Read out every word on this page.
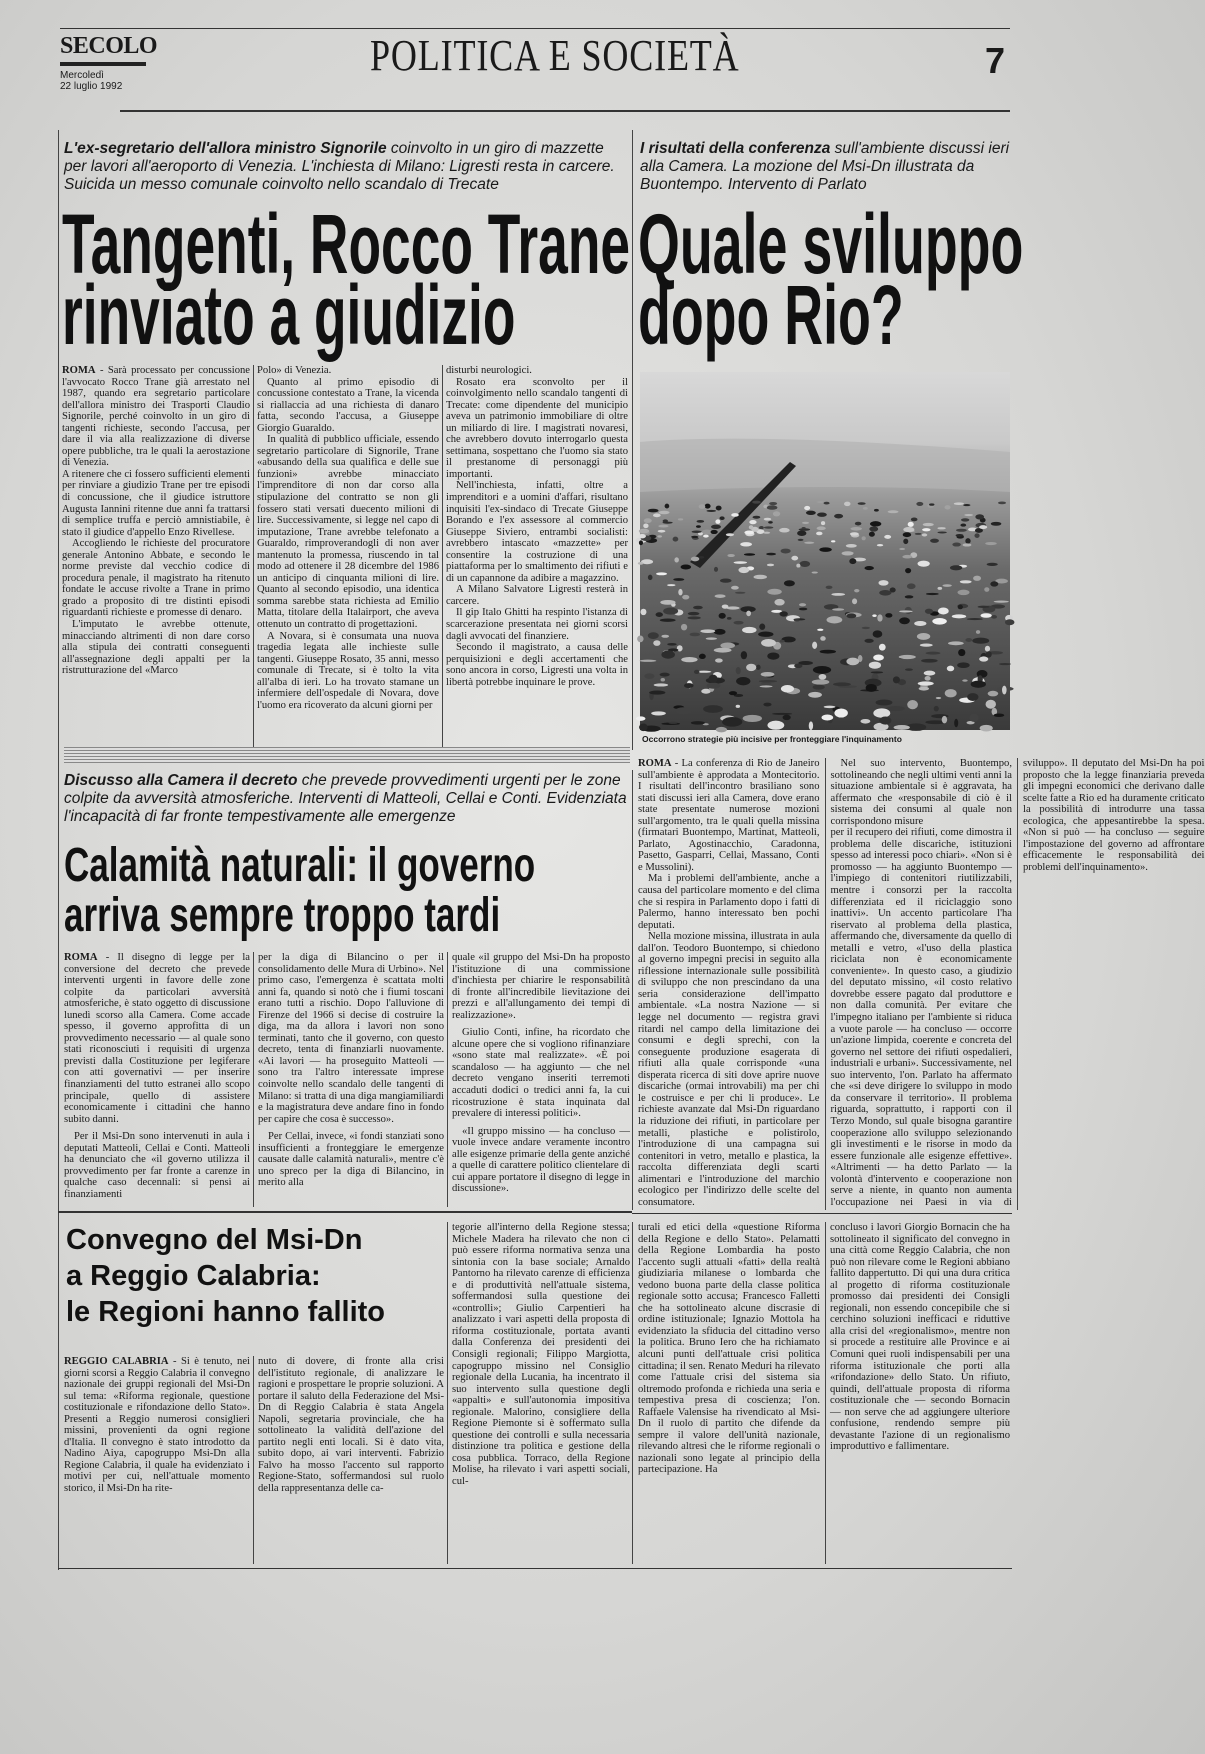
SECOLO
Mercoledì
22 luglio 1992
POLITICA E SOCIETÀ	7
L'ex-segretario dell'allora ministro Signorile coinvolto in un giro di mazzette per lavori all'aeroporto di Venezia. L'inchiesta di Milano: Ligresti resta in carcere. Suicida un messo comunale coinvolto nello scandalo di Trecate
Tangenti, Rocco Trane
rinviato a giudizio

ROMA - Sarà processato per concussione l'avvocato Rocco Trane già arrestato nel 1987, quando era segretario particolare dell'allora ministro dei Trasporti Claudio Signorile, perché coinvolto in un giro di tangenti richieste, secondo l'accusa, per dare il via alla realizzazione di diverse opere pubbliche, tra le quali la aerostazione di Venezia.

A ritenere che ci fossero sufficienti elementi per rinviare a giudizio Trane per tre episodi di concussione, che il giudice istruttore Augusta Iannini ritenne due anni fa trattarsi di semplice truffa e perciò amnistiabile, è stato il giudice d'appello Enzo Rivellese.

Accogliendo le richieste del procuratore generale Antonino Abbate, e secondo le norme previste dal vecchio codice di procedura penale, il magistrato ha ritenuto fondate le accuse rivolte a Trane in primo grado a proposito di tre distinti episodi riguardanti richieste e promesse di denaro.

L'imputato le avrebbe ottenute, minacciando altrimenti di non dare corso alla stipula dei contratti conseguenti all'assegnazione degli appalti per la ristrutturazione del «Marco

Polo» di Venezia.

Quanto al primo episodio di concussione contestato a Trane, la vicenda si riallaccia ad una richiesta di danaro fatta, secondo l'accusa, a Giuseppe Giorgio Guaraldo.

In qualità di pubblico ufficiale, essendo segretario particolare di Signorile, Trane «abusando della sua qualifica e delle sue funzioni» avrebbe minacciato l'imprenditore di non dar corso alla stipulazione del contratto se non gli fossero stati versati duecento milioni di lire. Successivamente, si legge nel capo di imputazione, Trane avrebbe telefonato a Guaraldo, rimproverandogli di non aver mantenuto la promessa, riuscendo in tal modo ad ottenere il 28 dicembre del 1986 un anticipo di cinquanta milioni di lire. Quanto al secondo episodio, una identica somma sarebbe stata richiesta ad Emilio Matta, titolare della Italairport, che aveva ottenuto un contratto di progettazioni.

A Novara, si è consumata una nuova tragedia legata alle inchieste sulle tangenti. Giuseppe Rosato, 35 anni, messo comunale di Trecate, si è tolto la vita all'alba di ieri. Lo ha trovato stamane un infermiere dell'ospedale di Novara, dove l'uomo era ricoverato da alcuni giorni per

disturbi neurologici.

Rosato era sconvolto per il coinvolgimento nello scandalo tangenti di Trecate: come dipendente del municipio aveva un patrimonio immobiliare di oltre un miliardo di lire. I magistrati novaresi, che avrebbero dovuto interrogarlo questa settimana, sospettano che l'uomo sia stato il prestanome di personaggi più importanti.

Nell'inchiesta, infatti, oltre a imprenditori e a uomini d'affari, risultano inquisiti l'ex-sindaco di Trecate Giuseppe Borando e l'ex assessore al commercio Giuseppe Siviero, entrambi socialisti: avrebbero intascato «mazzette» per consentire la costruzione di una piattaforma per lo smaltimento dei rifiuti e di un capannone da adibire a magazzino.

A Milano Salvatore Ligresti resterà in carcere.

Il gip Italo Ghitti ha respinto l'istanza di scarcerazione presentata nei giorni scorsi dagli avvocati del finanziere.

Secondo il magistrato, a causa delle perquisizioni e degli accertamenti che sono ancora in corso, Ligresti una volta in libertà potrebbe inquinare le prove.

I risultati della conferenza sull'ambiente discussi ieri alla Camera. La mozione del Msi-Dn illustrata da Buontempo. Intervento di Parlato
Quale sviluppo
dopo Rio?
Occorrono strategie più incisive per fronteggiare l'inquinamento

ROMA - La conferenza di Rio de Janeiro sull'ambiente è approdata a Montecitorio. I risultati dell'incontro brasiliano sono stati discussi ieri alla Camera, dove erano state presentate numerose mozioni sull'argomento, tra le quali quella missina (firmatari Buontempo, Martinat, Matteoli, Parlato, Agostinacchio, Caradonna, Pasetto, Gasparri, Cellai, Massano, Conti e Mussolini).

Ma i problemi dell'ambiente, anche a causa del particolare momento e del clima che si respira in Parlamento dopo i fatti di Palermo, hanno interessato ben pochi deputati.

Nella mozione missina, illustrata in aula dall'on. Teodoro Buontempo, si chiedono al governo impegni precisi in seguito alla riflessione internazionale sulle possibilità di sviluppo che non prescindano da una seria considerazione dell'impatto ambientale. «La nostra Nazione — si legge nel documento — registra gravi ritardi nel campo della limitazione dei consumi e degli sprechi, con la conseguente produzione esagerata di rifiuti alla quale corrisponde «una disperata ricerca di siti dove aprire nuove discariche (ormai introvabili) ma per chi le costruisce e per chi li produce». Le richieste avanzate dal Msi-Dn riguardano la riduzione dei rifiuti, in particolare per metalli, plastiche e polistirolo, l'introduzione di una campagna sui contenitori in vetro, metallo e plastica, la raccolta differenziata degli scarti alimentari e l'introduzione del marchio ecologico per l'indirizzo delle scelte del consumatore.

Nel suo intervento, Buontempo, sottolineando che negli ultimi venti anni la situazione ambientale si è aggravata, ha affermato che «responsabile di ciò è il sistema dei consumi al quale non corrispondono misure

per il recupero dei rifiuti, come dimostra il problema delle discariche, istituzioni spesso ad interessi poco chiari». «Non si è promosso — ha aggiunto Buontempo — l'impiego di contenitori riutilizzabili, mentre i consorzi per la raccolta differenziata ed il riciclaggio sono inattivi». Un accento particolare l'ha riservato al problema della plastica, affermando che, diversamente da quello di metalli e vetro, «l'uso della plastica riciclata non è economicamente conveniente». In questo caso, a giudizio del deputato missino, «il costo relativo dovrebbe essere pagato dal produttore e non dalla comunità. Per evitare che l'impegno italiano per l'ambiente si riduca a vuote parole — ha concluso — occorre un'azione limpida, coerente e concreta del governo nel settore dei rifiuti ospedalieri, industriali e urbani». Successivamente, nel suo intervento, l'on. Parlato ha affermato che «si deve dirigere lo sviluppo in modo da conservare il territorio». Il problema riguarda, soprattutto, i rapporti con il Terzo Mondo, sul quale bisogna garantire cooperazione allo sviluppo selezionando gli investimenti e le risorse in modo da essere funzionale alle esigenze effettive». «Altrimenti — ha detto Parlato — la volontà d'intervento e cooperazione non serve a niente, in quanto non aumenta l'occupazione nei Paesi in via di sviluppo». Il deputato del Msi-Dn ha poi proposto che la legge finanziaria preveda gli impegni economici che derivano dalle scelte fatte a Rio ed ha duramente criticato la possibilità di introdurre una tassa ecologica, che appesantirebbe la spesa. «Non si può — ha concluso — seguire l'impostazione del governo ad affrontare efficacemente le responsabilità dei problemi dell'inquinamento».

Discusso alla Camera il decreto che prevede provvedimenti urgenti per le zone colpite da avversità atmosferiche. Interventi di Matteoli, Cellai e Conti. Evidenziata l'incapacità di far fronte tempestivamente alle emergenze
Calamità naturali: il governo
arriva sempre troppo tardi

ROMA - Il disegno di legge per la conversione del decreto che prevede interventi urgenti in favore delle zone colpite da particolari avversità atmosferiche, è stato oggetto di discussione lunedì scorso alla Camera. Come accade spesso, il governo approfitta di un provvedimento necessario — al quale sono stati riconosciuti i requisiti di urgenza previsti dalla Costituzione per legiferare con atti governativi — per inserire finanziamenti del tutto estranei allo scopo principale, quello di assistere economicamente i cittadini che hanno subito danni.

Per il Msi-Dn sono intervenuti in aula i deputati Matteoli, Cellai e Conti. Matteoli ha denunciato che «il governo utilizza il provvedimento per far fronte a carenze in qualche caso decennali: si pensi ai finanziamenti

per la diga di Bilancino o per il consolidamento delle Mura di Urbino». Nel primo caso, l'emergenza è scattata molti anni fa, quando si notò che i fiumi toscani erano tutti a rischio. Dopo l'alluvione di Firenze del 1966 si decise di costruire la diga, ma da allora i lavori non sono terminati, tanto che il governo, con questo decreto, tenta di finanziarli nuovamente. «Ai lavori — ha proseguito Matteoli — sono tra l'altro interessate imprese coinvolte nello scandalo delle tangenti di Milano: si tratta di una diga mangiamiliardi e la magistratura deve andare fino in fondo per capire che cosa è successo».

Per Cellai, invece, «i fondi stanziati sono insufficienti a fronteggiare le emergenze causate dalle calamità naturali», mentre c'è uno spreco per la diga di Bilancino, in merito alla

quale «il gruppo del Msi-Dn ha proposto l'istituzione di una commissione d'inchiesta per chiarire le responsabilità di fronte all'incredibile lievitazione dei prezzi e all'allungamento dei tempi di realizzazione».

Giulio Conti, infine, ha ricordato che alcune opere che si vogliono rifinanziare «sono state mal realizzate». «È poi scandaloso — ha aggiunto — che nel decreto vengano inseriti terremoti accaduti dodici o tredici anni fa, la cui ricostruzione è stata inquinata dal prevalere di interessi politici».

«Il gruppo missino — ha concluso — vuole invece andare veramente incontro alle esigenze primarie della gente anziché a quelle di carattere politico clientelare di cui appare portatore il disegno di legge in discussione».

Convegno del Msi-Dn
a Reggio Calabria:
le Regioni hanno fallito

REGGIO CALABRIA - Si è tenuto, nei giorni scorsi a Reggio Calabria il convegno nazionale dei gruppi regionali del Msi-Dn sul tema: «Riforma regionale, questione costituzionale e rifondazione dello Stato». Presenti a Reggio numerosi consiglieri missini, provenienti da ogni regione d'Italia. Il convegno è stato introdotto da Nadino Aiya, capogruppo Msi-Dn alla Regione Calabria, il quale ha evidenziato i motivi per cui, nell'attuale momento storico, il Msi-Dn ha rite-

nuto di dovere, di fronte alla crisi dell'istituto regionale, di analizzare le ragioni e prospettare le proprie soluzioni. A portare il saluto della Federazione del Msi-Dn di Reggio Calabria è stata Angela Napoli, segretaria provinciale, che ha sottolineato la validità dell'azione del partito negli enti locali. Si è dato vita, subito dopo, ai vari interventi. Fabrizio Falvo ha mosso l'accento sul rapporto Regione-Stato, soffermandosi sul ruolo della rappresentanza delle ca-

tegorie all'interno della Regione stessa; Michele Madera ha rilevato che non ci può essere riforma normativa senza una sintonia con la base sociale; Arnaldo Pantorno ha rilevato carenze di efficienza e di produttività nell'attuale sistema, soffermandosi sulla questione dei «controlli»; Giulio Carpentieri ha analizzato i vari aspetti della proposta di riforma costituzionale, portata avanti dalla Conferenza dei presidenti dei Consigli regionali; Filippo Margiotta, capogruppo missino nel Consiglio regionale della Lucania, ha incentrato il suo intervento sulla questione degli «appalti» e sull'autonomia impositiva regionale. Malorino, consigliere della Regione Piemonte si è soffermato sulla questione dei controlli e sulla necessaria distinzione tra politica e gestione della cosa pubblica. Torraco, della Regione Molise, ha rilevato i vari aspetti sociali, cul-

turali ed etici della «questione Riforma della Regione e dello Stato». Pelamatti della Regione Lombardia ha posto l'accento sugli attuali «fatti» della realtà giudiziaria milanese o lombarda che vedono buona parte della classe politica regionale sotto accusa; Francesco Falletti che ha sottolineato alcune discrasie di ordine istituzionale; Ignazio Mottola ha evidenziato la sfiducia del cittadino verso la politica. Bruno Iero che ha richiamato alcuni punti dell'attuale crisi politica cittadina; il sen. Renato Meduri ha rilevato come l'attuale crisi del sistema sia oltremodo profonda e richieda una seria e tempestiva presa di coscienza; l'on. Raffaele Valensise ha rivendicato al Msi-Dn il ruolo di partito che difende da sempre il valore dell'unità nazionale, rilevando altresì che le riforme regionali o nazionali sono legate al principio della partecipazione. Ha

concluso i lavori Giorgio Bornacin che ha sottolineato il significato del convegno in una città come Reggio Calabria, che non può non rilevare come le Regioni abbiano fallito dappertutto. Di qui una dura critica al progetto di riforma costituzionale promosso dai presidenti dei Consigli regionali, non essendo concepibile che si cerchino soluzioni inefficaci e riduttive alla crisi del «regionalismo», mentre non si procede a restituire alle Province e ai Comuni quei ruoli indispensabili per una riforma istituzionale che porti alla «rifondazione» dello Stato. Un rifiuto, quindi, dell'attuale proposta di riforma costituzionale che — secondo Bornacin — non serve che ad aggiungere ulteriore confusione, rendendo sempre più devastante l'azione di un regionalismo improduttivo e fallimentare.
